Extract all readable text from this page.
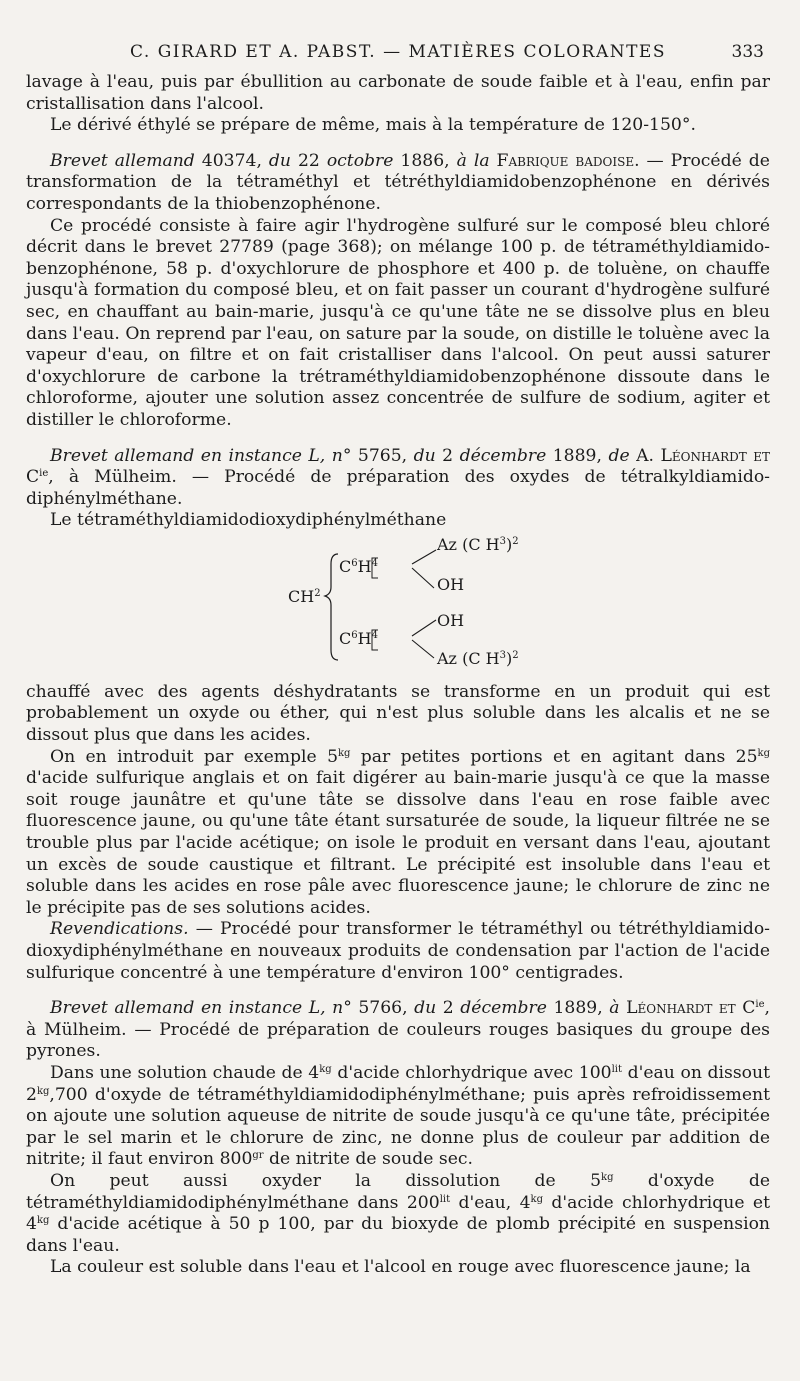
C. GIRARD ET A. PABST. — MATIÈRES COLORANTES	333

lavage à l'eau, puis par ébullition au carbonate de soude faible et à l'eau, enfin par cristallisation dans l'alcool.

Le dérivé éthylé se prépare de même, mais à la température de 120-150°.

Brevet allemand 40374, du 22 octobre 1886, à la Fabrique badoise. — Procédé de transformation de la tétraméthyl et tétréthyldiamidobenzophénone en dérivés correspondants de la thiobenzophénone.

Ce procédé consiste à faire agir l'hydrogène sulfuré sur le composé bleu chloré décrit dans le brevet 27789 (page 368); on mélange 100 p. de tétraméthyldiamido-benzophénone, 58 p. d'oxychlorure de phosphore et 400 p. de toluène, on chauffe jusqu'à formation du composé bleu, et on fait passer un courant d'hydrogène sulfuré sec, en chauffant au bain-marie, jusqu'à ce qu'une tâte ne se dissolve plus en bleu dans l'eau. On reprend par l'eau, on sature par la soude, on distille le toluène avec la vapeur d'eau, on filtre et on fait cristalliser dans l'alcool. On peut aussi saturer d'oxychlorure de carbone la trétraméthyldiamidobenzophénone dissoute dans le chloroforme, ajouter une solution assez concentrée de sulfure de sodium, agiter et distiller le chloroforme.

Brevet allemand en instance L, n° 5765, du 2 décembre 1889, de A. Léonhardt et $C^{ie}$, à Mülheim. — Procédé de préparation des oxydes de tétralkyldiamido-diphénylméthane.

Le tétraméthyldiamidodioxydiphénylméthane

$CH^2$
$C^6H^4$
Az (C $H^3)^2$
OH
OH
$C^6H^4$
Az (C $H^3)^2$

chauffé avec des agents déshydratants se transforme en un produit qui est probablement un oxyde ou éther, qui n'est plus soluble dans les alcalis et ne se dissout plus que dans les acides.

On en introduit par exemple $5^{kg}$ par petites portions et en agitant dans $25^{kg}$ d'acide sulfurique anglais et on fait digérer au bain-marie jusqu'à ce que la masse soit rouge jaunâtre et qu'une tâte se dissolve dans l'eau en rose faible avec fluorescence jaune, ou qu'une tâte étant sursaturée de soude, la liqueur filtrée ne se trouble plus par l'acide acétique; on isole le produit en versant dans l'eau, ajoutant un excès de soude caustique et filtrant. Le précipité est insoluble dans l'eau et soluble dans les acides en rose pâle avec fluorescence jaune; le chlorure de zinc ne le précipite pas de ses solutions acides.

Revendications. — Procédé pour transformer le tétraméthyl ou tétréthyldiamido-dioxydiphénylméthane en nouveaux produits de condensation par l'action de l'acide sulfurique concentré à une température d'environ 100° centigrades.

Brevet allemand en instance L, n° 5766, du 2 décembre 1889, à Léonhardt et $C^{ie}$, à Mülheim. — Procédé de préparation de couleurs rouges basiques du groupe des pyrones.

Dans une solution chaude de $4^{kg}$ d'acide chlorhydrique avec $100^{lit}$ d'eau on dissout $2^{kg},700$ d'oxyde de tétraméthyldiamidodiphénylméthane; puis après refroidissement on ajoute une solution aqueuse de nitrite de soude jusqu'à ce qu'une tâte, précipitée par le sel marin et le chlorure de zinc, ne donne plus de couleur par addition de nitrite; il faut environ $800^{gr}$ de nitrite de soude sec.

On peut aussi oxyder la dissolution de $5^{kg}$ d'oxyde de tétraméthyldiamidodiphénylméthane dans $200^{lit}$ d'eau, $4^{kg}$ d'acide chlorhydrique et $4^{kg}$ d'acide acétique à 50 p 100, par du bioxyde de plomb précipité en suspension dans l'eau.

La couleur est soluble dans l'eau et l'alcool en rouge avec fluorescence jaune; la
